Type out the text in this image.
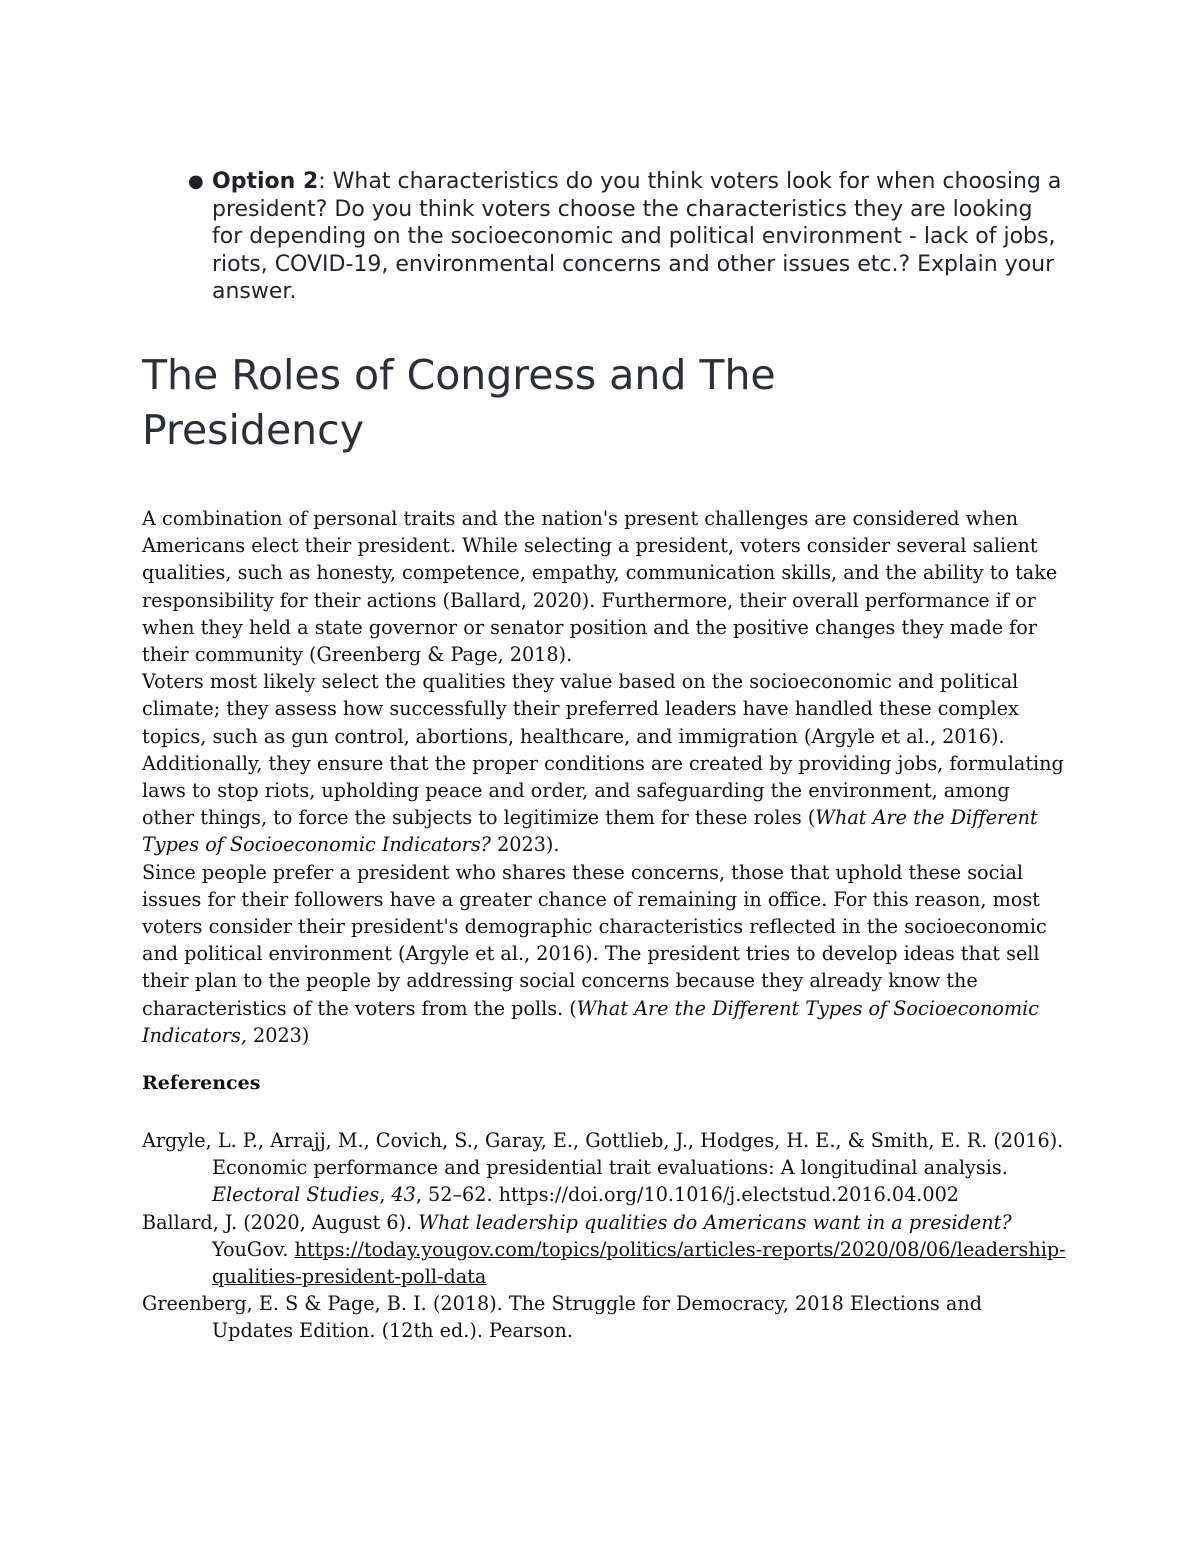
● Option 2: What characteristics do you think voters look for when choosing a president? Do you think voters choose the characteristics they are looking for depending on the socioeconomic and political environment - lack of jobs, riots, COVID-19, environmental concerns and other issues etc.? Explain your answer.
The Roles of Congress and The Presidency

A combination of personal traits and the nation's present challenges are considered when Americans elect their president. While selecting a president, voters consider several salient qualities, such as honesty, competence, empathy, communication skills, and the ability to take responsibility for their actions (Ballard, 2020). Furthermore, their overall performance if or when they held a state governor or senator position and the positive changes they made for their community (Greenberg & Page, 2018).

Voters most likely select the qualities they value based on the socioeconomic and political climate; they assess how successfully their preferred leaders have handled these complex topics, such as gun control, abortions, healthcare, and immigration (Argyle et al., 2016). Additionally, they ensure that the proper conditions are created by providing jobs, formulating laws to stop riots, upholding peace and order, and safeguarding the environment, among other things, to force the subjects to legitimize them for these roles (What Are the Different Types of Socioeconomic Indicators? 2023).

Since people prefer a president who shares these concerns, those that uphold these social issues for their followers have a greater chance of remaining in office. For this reason, most voters consider their president's demographic characteristics reflected in the socioeconomic and political environment (Argyle et al., 2016). The president tries to develop ideas that sell their plan to the people by addressing social concerns because they already know the characteristics of the voters from the polls. (What Are the Different Types of Socioeconomic Indicators, 2023)

References

Argyle, L. P., Arrajj, M., Covich, S., Garay, E., Gottlieb, J., Hodges, H. E., & Smith, E. R. (2016). Economic performance and presidential trait evaluations: A longitudinal analysis. Electoral Studies, 43, 52–62. https://doi.org/10.1016/j.electstud.2016.04.002

Ballard, J. (2020, August 6). What leadership qualities do Americans want in a president? YouGov. https://today.yougov.com/topics/politics/articles-reports/2020/08/06/leadership-qualities-president-poll-data

Greenberg, E. S & Page, B. I. (2018). The Struggle for Democracy, 2018 Elections and Updates Edition. (12th ed.). Pearson.
